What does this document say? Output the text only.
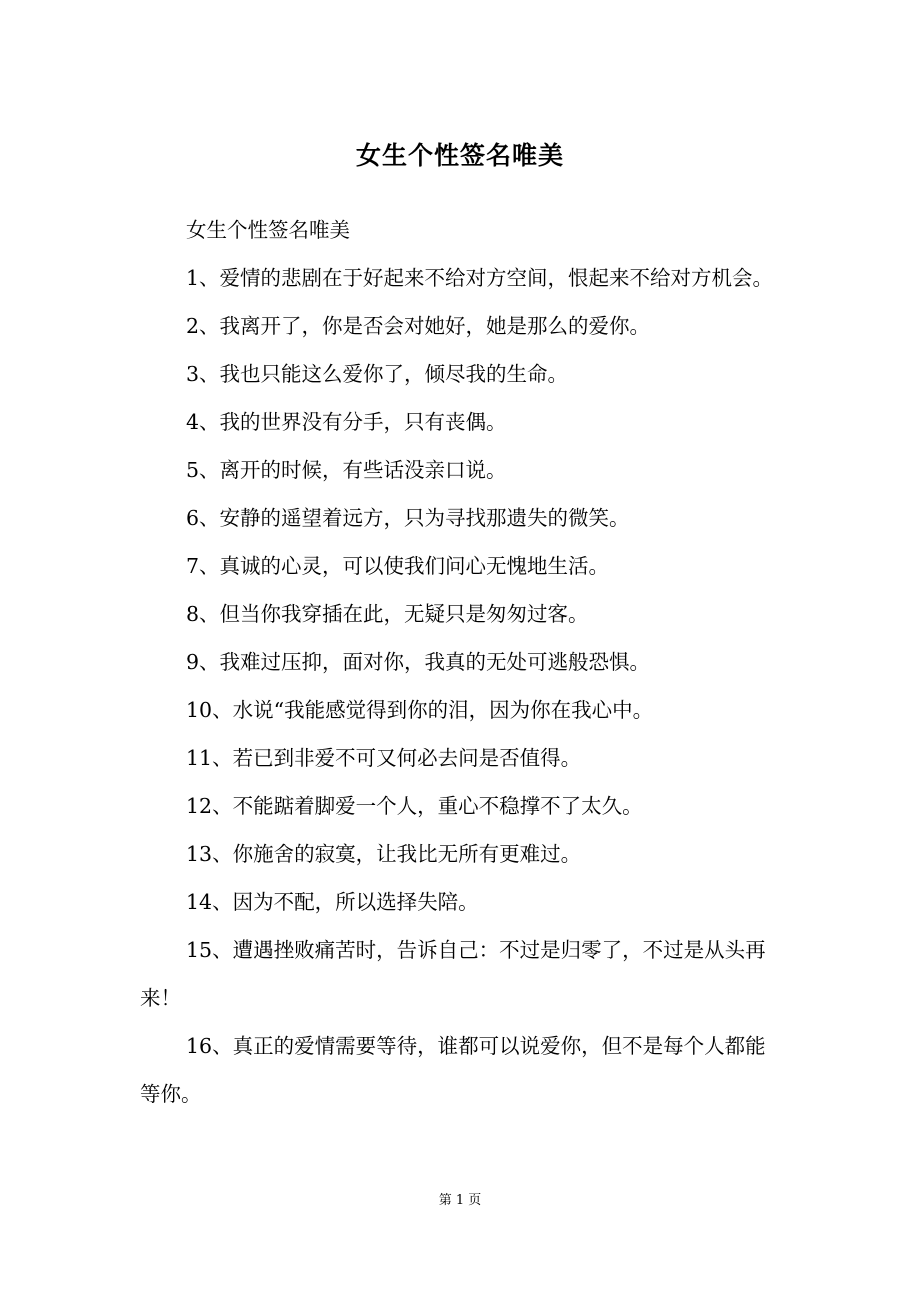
女生个性签名唯美
女生个性签名唯美
1、爱情的悲剧在于好起来不给对方空间，恨起来不给对方机会。
2、我离开了，你是否会对她好，她是那么的爱你。
3、我也只能这么爱你了，倾尽我的生命。
4、我的世界没有分手，只有丧偶。
5、离开的时候，有些话没亲口说。
6、安静的遥望着远方，只为寻找那遗失的微笑。
7、真诚的心灵，可以使我们问心无愧地生活。
8、但当你我穿插在此，无疑只是匆匆过客。
9、我难过压抑，面对你，我真的无处可逃般恐惧。
10、水说“我能感觉得到你的泪，因为你在我心中。
11、若已到非爱不可又何必去问是否值得。
12、不能踮着脚爱一个人，重心不稳撑不了太久。
13、你施舍的寂寞，让我比无所有更难过。
14、因为不配，所以选择失陪。
15、遭遇挫败痛苦时，告诉自己：不过是归零了，不过是从头再来！
16、真正的爱情需要等待，谁都可以说爱你，但不是每个人都能等你。
第 1 页
